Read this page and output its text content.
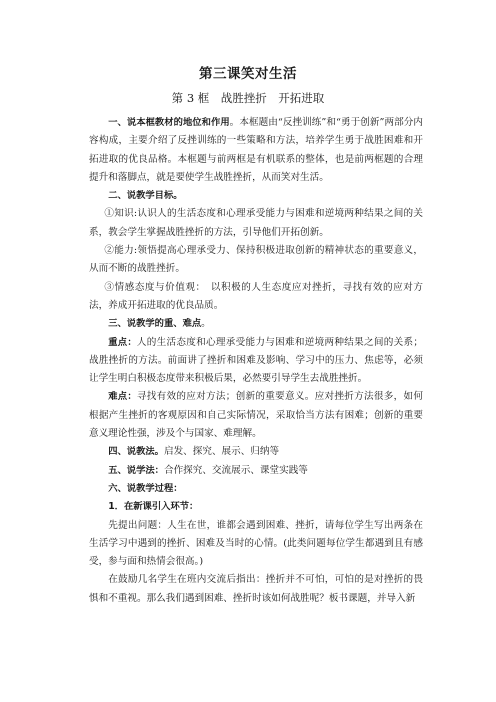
第三课笑对生活
第 3 框　战胜挫折　开拓进取

一、说本框教材的地位和作用。本框题由“反挫训练”和“勇于创新”两部分内容构成，主要介绍了反挫训练的一些策略和方法，培养学生勇于战胜困难和开拓进取的优良品格。本框题与前两框是有机联系的整体，也是前两框题的合理提升和落脚点，就是要使学生战胜挫折，从而笑对生活。

二、说教学目标。

①知识:认识人的生活态度和心理承受能力与困难和逆境两种结果之间的关系，教会学生掌握战胜挫折的方法，引导他们开拓创新。

②能力:领悟提高心理承受力、保持积极进取创新的精神状态的重要意义，从而不断的战胜挫折。

③情感态度与价值观：　以积极的人生态度应对挫折，寻找有效的应对方法，养成开拓进取的优良品质。

三、说教学的重、难点。

重点：人的生活态度和心理承受能力与困难和逆境两种结果之间的关系；战胜挫折的方法。前面讲了挫折和困难及影响、学习中的压力、焦虑等，必须让学生明白积极态度带来积极后果，必然要引导学生去战胜挫折。

难点：寻找有效的应对方法；创新的重要意义。应对挫折方法很多，如何根据产生挫折的客观原因和自己实际情况，采取恰当方法有困难；创新的重要意义理论性强，涉及个与国家、难理解。

四、说教法。启发、探究、展示、归纳等

五、说学法：合作探究、交流展示、课堂实践等

六、说教学过程：

1．在新课引入环节：

先提出问题：人生在世，谁都会遇到困难、挫折，请每位学生写出两条在生活学习中遇到的挫折、困难及当时的心情。(此类问题每位学生都遇到且有感受，参与面和热情会很高。)

在鼓励几名学生在班内交流后指出：挫折并不可怕，可怕的是对挫折的畏惧和不重视。那么我们遇到困难、挫折时该如何战胜呢？板书课题，并导入新
